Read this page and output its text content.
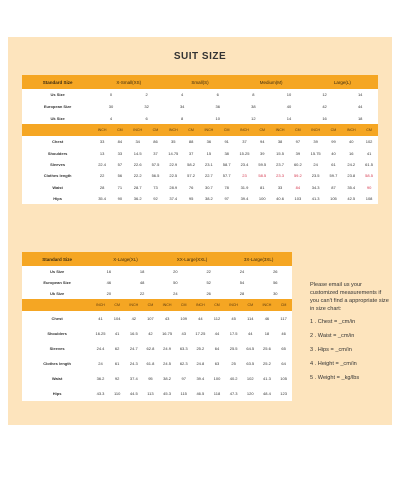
SUIT SIZE
Standard Size	X-Small(XS)				Small(S)				Medium(M)				Large(L)			
Us Size	0		2		4		6		8		10		12		14	
European Size	30		32		34		36		38		40		42		44	
Uk Size	4		6		8		10		12		14		16		18	
	INCH	CM	INCH	CM	INCH	CM	INCH	CM	INCH	CM	INCH	CM	INCH	CM	INCH	CM
Chest	33	84	34	86	35	88	36	91	37	94	38	97	39	99	40	102
Shoulders	13	33	14.5	37	14.75	37	15	38	15.25	39	15.5	39	15.75	40	16	41
Sleeves	22.4	57	22.6	57.5	22.9	58.2	23.1	58.7	23.4	59.5	23.7	60.2	24	61	24.2	61.5
Clothes length	22	56	22.2	56.5	22.5	57.2	22.7	57.7	23	58.5	23.3	59.2	23.5	59.7	23.8	58.5
Waist	28	71	28.7	73	28.9	76	30.7	78	31.9	81	33	84	34.3	87	35.4	90
Hips	35.4	90	36.2	92	37.4	95	38.2	97	39.4	100	40.6	103	41.3	105	42.5	108
Standard Size	X-Large(XL)				XX-Large(XXL)				3X-Large(3XL)			
Us Size	16		18		20		22		24		26	
European Size	46		48		50		52		54		56	
Uk Size	20		22		24		26		28		30	
	INCH	CM	INCH	CM	INCH	CM	INCH	CM	INCH	CM	INCH	CM
Chest	41	104	42	107	43	109	44	112	45	114	46	117
Shoulders	16.25	41	16.5	42	16.75	43	17.25	44	17.5	44	18	46
Sleeves	24.4	62	24.7	62.8	24.9	63.3	25.2	64	25.5	64.5	25.6	65
Clothes length	24	61	24.3	61.8	24.5	62.3	24.8	63	25	63.5	25.2	64
Waist	36.2	92	37.4	95	38.2	97	39.4	100	40.2	102	41.3	105
Hips	43.3	110	44.5	113	45.3	115	46.5	118	47.3	120	48.4	123
Please email us your customized measurements if you can't find a appropriate size in size chart:
1 . Chest = _cm/in
2 . Waist = _cm/in
3 . Hips = _cm/in
4 . Height = _cm/in
5 . Weight = _kg/lbs
